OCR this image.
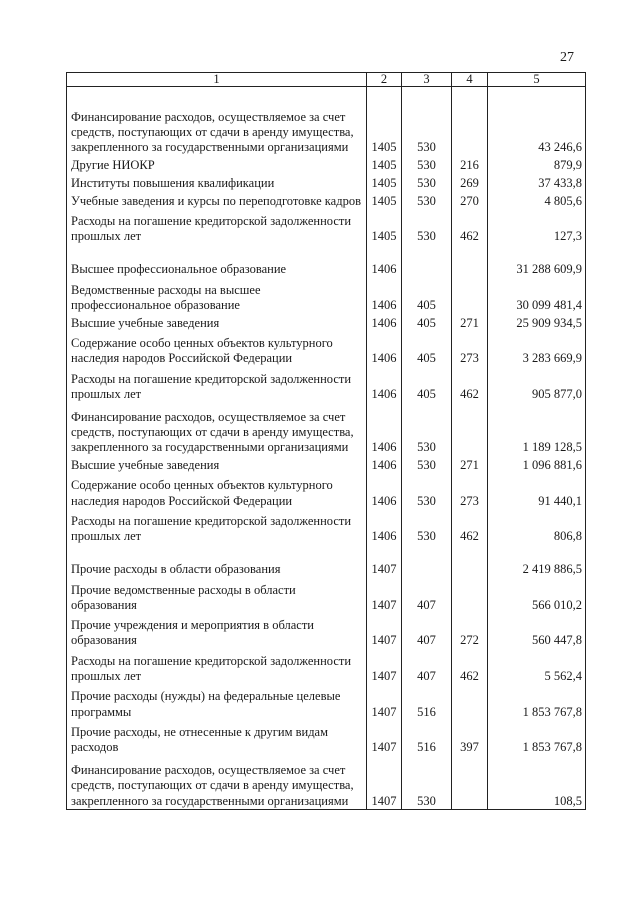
27
1	2	3	4	5

Финансирование расходов, осуществляемое за счет средств, поступающих от сдачи в аренду имущества, закрепленного за государственными организациями	1405	530		43 246,6
Другие НИОКР	1405	530	216	879,9
Институты повышения квалификации	1405	530	269	37 433,8
Учебные заведения и курсы по переподготовке кадров	1405	530	270	4 805,6
Расходы на погашение кредиторской задолженности прошлых лет	1405	530	462	127,3

Высшее профессиональное образование	1406			31 288 609,9
Ведомственные расходы на высшее профессиональное образование	1406	405		30 099 481,4
Высшие учебные заведения	1406	405	271	25 909 934,5
Содержание особо ценных объектов культурного наследия народов Российской Федерации	1406	405	273	3 283 669,9
Расходы на погашение кредиторской задолженности прошлых лет	1406	405	462	905 877,0
Финансирование расходов, осуществляемое за счет средств, поступающих от сдачи в аренду имущества, закрепленного за государственными организациями	1406	530		1 189 128,5
Высшие учебные заведения	1406	530	271	1 096 881,6
Содержание особо ценных объектов культурного наследия народов Российской Федерации	1406	530	273	91 440,1
Расходы на погашение кредиторской задолженности прошлых лет	1406	530	462	806,8

Прочие расходы в области образования	1407			2 419 886,5
Прочие ведомственные расходы в области образования	1407	407		566 010,2
Прочие учреждения и мероприятия в области образования	1407	407	272	560 447,8
Расходы на погашение кредиторской задолженности прошлых лет	1407	407	462	5 562,4
Прочие расходы (нужды) на федеральные целевые программы	1407	516		1 853 767,8
Прочие расходы, не отнесенные к другим видам расходов	1407	516	397	1 853 767,8
Финансирование расходов, осуществляемое за счет средств, поступающих от сдачи в аренду имущества, закрепленного за государственными организациями	1407	530		108,5
